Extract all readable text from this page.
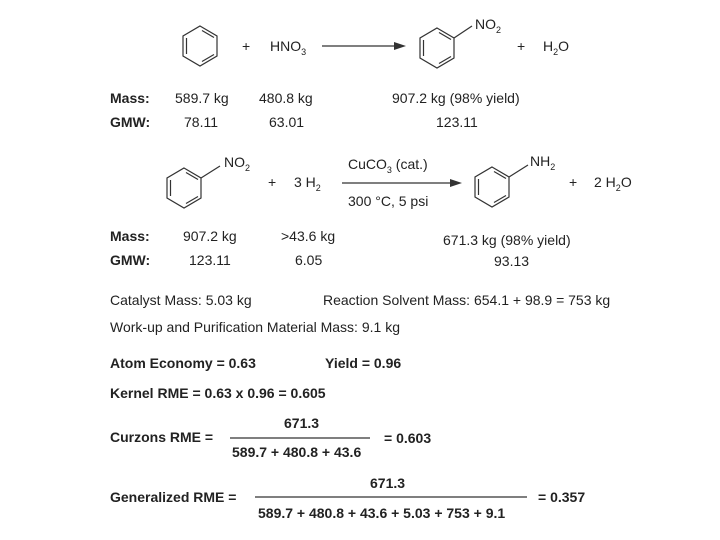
$NO_2$
+ $HNO_3$	+ $H_2O$
Mass: 589.7 kg 480.8 kg	907.2 kg (98% yield)
GMW: 78.11	63.01	123.11
$NO_2$
+ 3 $H_2$
CuCO$_3$ (cat.)
300 °C, 5 psi
$NH_2$
+ 2 $H_2O$
Mass: 907.2 kg	>43.6 kg	671.3 kg (98% yield)
GMW:	123.11	6.05	93.13
Catalyst Mass: 5.03 kg	Reaction Solvent Mass: 654.1 + 98.9 = 753 kg
Work-up and Purification Material Mass: 9.1 kg
Atom Economy = 0.63	Yield = 0.96
Kernel RME = 0.63 x 0.96 = 0.605
671.3
Curzons RME =
589.7 + 480.8 + 43.6
= 0.603
671.3
Generalized RME =
589.7 + 480.8 + 43.6 + 5.03 + 753 + 9.1
= 0.357
